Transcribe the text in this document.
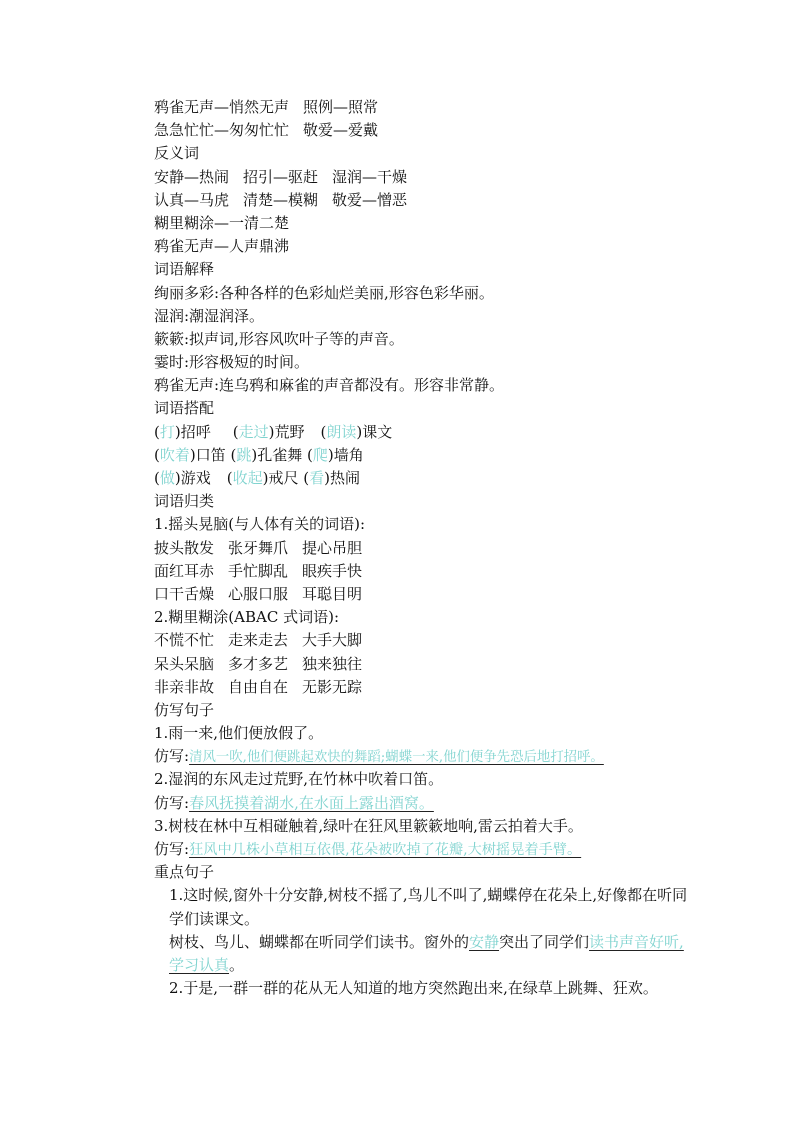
鸦雀无声—悄然无声 照例—照常
急急忙忙—匆匆忙忙 敬爱—爱戴
反义词
安静—热闹 招引—驱赶 湿润—干燥
认真—马虎 清楚—模糊 敬爱—憎恶
糊里糊涂—一清二楚
鸦雀无声—人声鼎沸
词语解释
绚丽多彩:各种各样的色彩灿烂美丽,形容色彩华丽。
湿润:潮湿润泽。
簌簌:拟声词,形容风吹叶子等的声音。
霎时:形容极短的时间。
鸦雀无声:连乌鸦和麻雀的声音都没有。形容非常静。
词语搭配
(打)招呼 (走过)荒野 (朗读)课文
(吹着)口笛 (跳)孔雀舞 (爬)墙角
(做)游戏 (收起)戒尺 (看)热闹
词语归类
1.摇头晃脑(与人体有关的词语):
披头散发 张牙舞爪 提心吊胆
面红耳赤 手忙脚乱 眼疾手快
口干舌燥 心服口服 耳聪目明
2.糊里糊涂(ABAC 式词语):
不慌不忙 走来走去 大手大脚
呆头呆脑 多才多艺 独来独往
非亲非故 自由自在 无影无踪
仿写句子
1.雨一来,他们便放假了。
仿写:清风一吹,他们便跳起欢快的舞蹈;蝴蝶一来,他们便争先恐后地打招呼。
2.湿润的东风走过荒野,在竹林中吹着口笛。
仿写:春风抚摸着湖水,在水面上露出酒窝。
3.树枝在林中互相碰触着,绿叶在狂风里簌簌地响,雷云拍着大手。
仿写:狂风中几株小草相互依偎,花朵被吹掉了花瓣,大树摇晃着手臂。
重点句子
1.这时候,窗外十分安静,树枝不摇了,鸟儿不叫了,蝴蝶停在花朵上,好像都在听同学们读课文。
树枝、鸟儿、蝴蝶都在听同学们读书。窗外的安静突出了同学们读书声音好听,学习认真。
2.于是,一群一群的花从无人知道的地方突然跑出来,在绿草上跳舞、狂欢。
